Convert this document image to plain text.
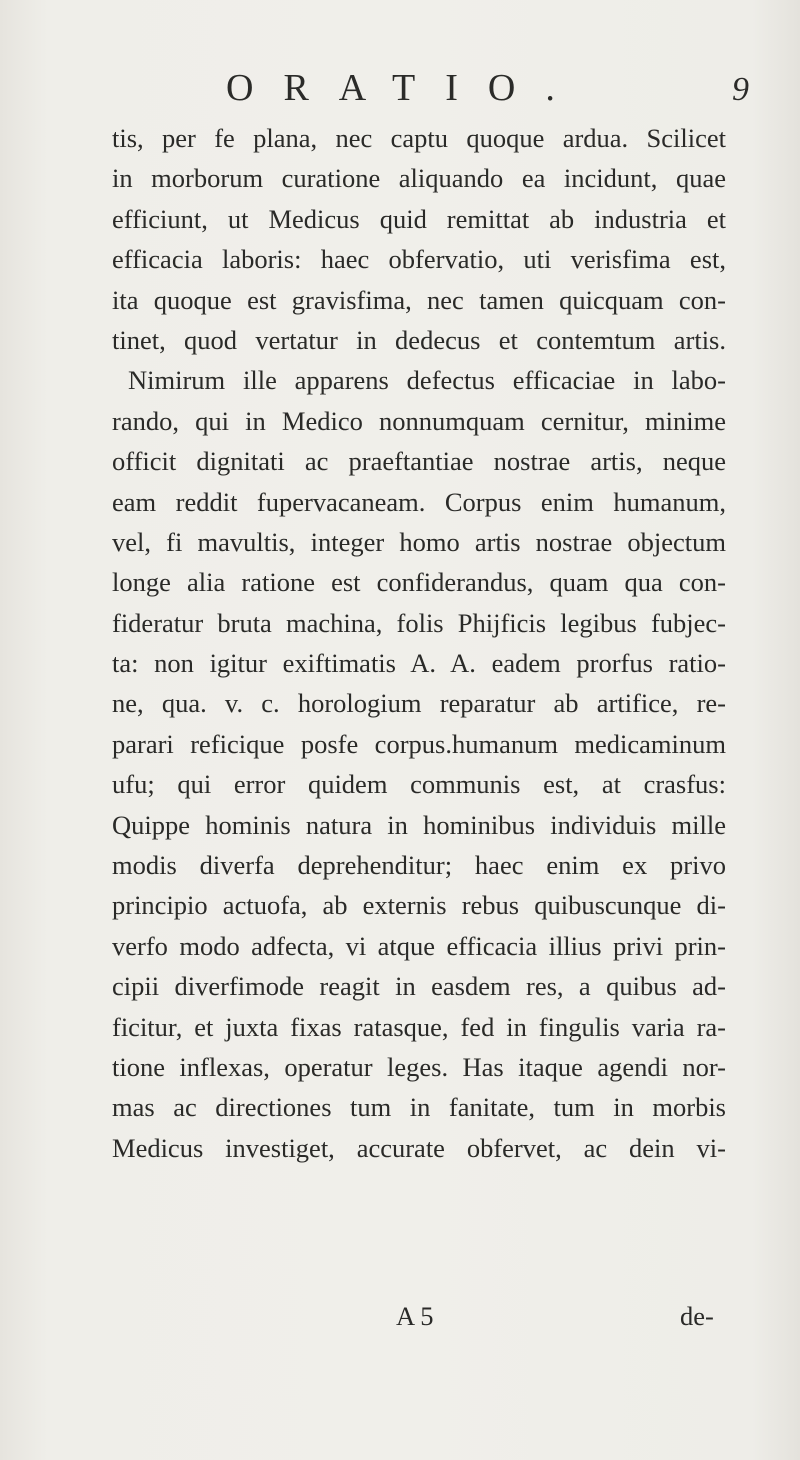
ORATIO.	9
tis, per fe plana, nec captu quoque ardua. Scilicet
in morborum curatione aliquando ea incidunt, quae
efficiunt, ut Medicus quid remittat ab industria et
efficacia laboris: haec obfervatio, uti verisfima est,
ita quoque est gravisfima, nec tamen quicquam con-
tinet, quod vertatur in dedecus et contemtum artis.
Nimirum ille apparens defectus efficaciae in labo-
rando, qui in Medico nonnumquam cernitur, minime
officit dignitati ac praeftantiae nostrae artis, neque
eam reddit fupervacaneam. Corpus enim humanum,
vel, fi mavultis, integer homo artis nostrae objectum
longe alia ratione est confiderandus, quam qua con-
fideratur bruta machina, folis Phijficis legibus fubjec-
ta: non igitur exiftimatis A. A. eadem prorfus ratio-
ne, qua. v. c. horologium reparatur ab artifice, re-
parari reficique posfe corpus.humanum medicaminum
ufu; qui error quidem communis est, at crasfus:
Quippe hominis natura in hominibus individuis mille
modis diverfa deprehenditur; haec enim ex privo
principio actuofa, ab externis rebus quibuscunque di-
verfo modo adfecta, vi atque efficacia illius privi prin-
cipii diverfimode reagit in easdem res, a quibus ad-
ficitur, et juxta fixas ratasque, fed in fingulis varia ra-
tione inflexas, operatur leges. Has itaque agendi nor-
mas ac directiones tum in fanitate, tum in morbis
Medicus investiget, accurate obfervet, ac dein vi-
A 5	de-
